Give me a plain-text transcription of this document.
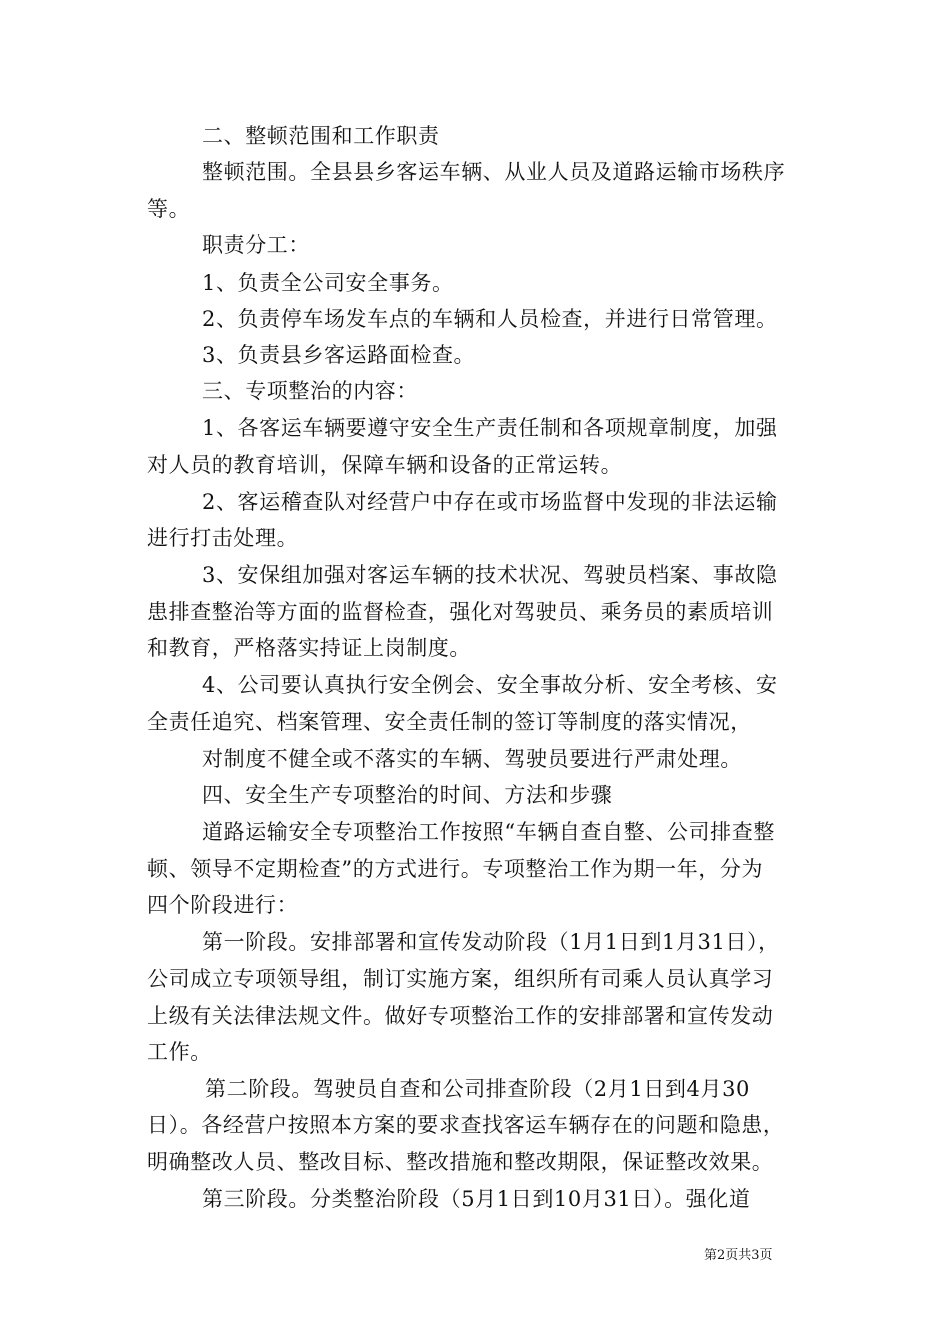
二、整顿范围和工作职责
整顿范围。全县县乡客运车辆、从业人员及道路运输市场秩序
等。
职责分工：
1、负责全公司安全事务。
2、负责停车场发车点的车辆和人员检查，并进行日常管理。
3、负责县乡客运路面检查。
三、专项整治的内容：
1、各客运车辆要遵守安全生产责任制和各项规章制度，加强
对人员的教育培训，保障车辆和设备的正常运转。
2、客运稽查队对经营户中存在或市场监督中发现的非法运输
进行打击处理。
3、安保组加强对客运车辆的技术状况、驾驶员档案、事故隐
患排查整治等方面的监督检查，强化对驾驶员、乘务员的素质培训
和教育，严格落实持证上岗制度。
4、公司要认真执行安全例会、安全事故分析、安全考核、安
全责任追究、档案管理、安全责任制的签订等制度的落实情况，
对制度不健全或不落实的车辆、驾驶员要进行严肃处理。
四、安全生产专项整治的时间、方法和步骤
道路运输安全专项整治工作按照“车辆自查自整、公司排查整
顿、领导不定期检查”的方式进行。专项整治工作为期一年，分为
四个阶段进行：
第一阶段。安排部署和宣传发动阶段（1月1日到1月31日），
公司成立专项领导组，制订实施方案，组织所有司乘人员认真学习
上级有关法律法规文件。做好专项整治工作的安排部署和宣传发动
工作。
第二阶段。驾驶员自查和公司排查阶段（2月1日到4月30
日）。各经营户按照本方案的要求查找客运车辆存在的问题和隐患，
明确整改人员、整改目标、整改措施和整改期限，保证整改效果。
第三阶段。分类整治阶段（5月1日到10月31日）。强化道
第2页共3页
